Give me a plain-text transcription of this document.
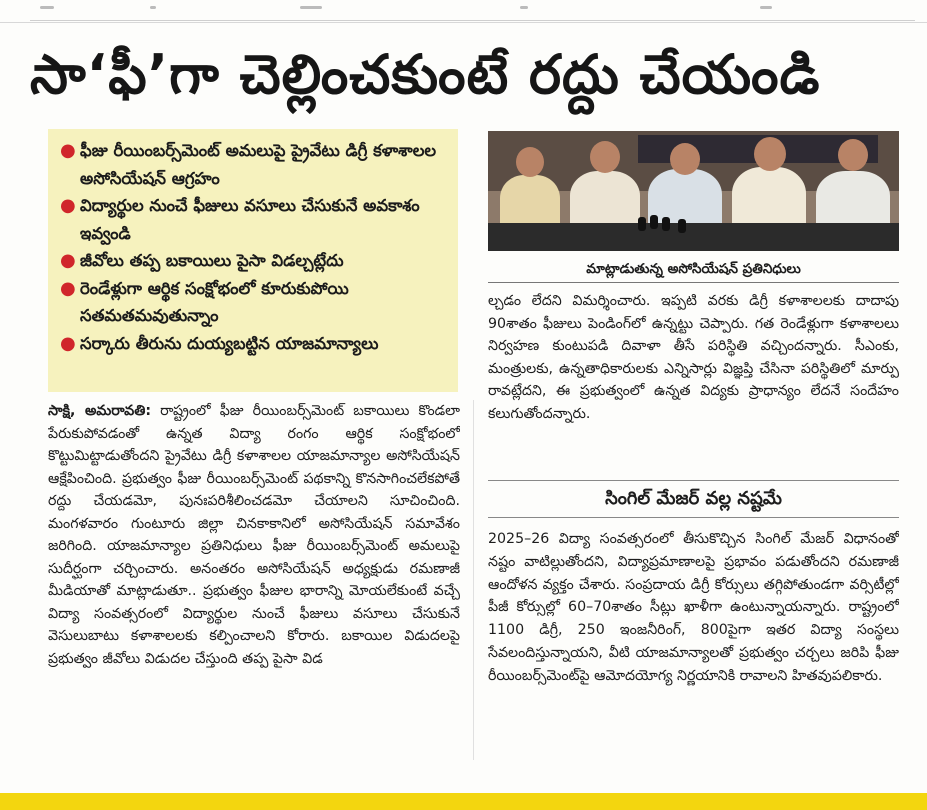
సా‘ఫీ’గా చెల్లించకుంటే రద్దు చేయండి
● ఫీజు రీయింబర్స్‌మెంట్ అమలుపై ప్రైవేటు డిగ్రీ కళాశాలల అసోసియేషన్ ఆగ్రహం
● విద్యార్థుల నుంచే ఫీజులు వసూలు చేసుకునే అవకాశం ఇవ్వండి
● జీవోలు తప్ప బకాయిలు పైసా విడల్చట్లేదు
● రెండేళ్లుగా ఆర్థిక సంక్షోభంలో కూరుకుపోయి సతమతమవుతున్నాం
● సర్కారు తీరును దుయ్యబట్టిన యాజమాన్యాలు
మాట్లాడుతున్న అసోసియేషన్ ప్రతినిధులు

సాక్షి, అమరావతి: రాష్ట్రంలో ఫీజు రీయింబర్స్‌మెంట్ బకాయిలు కొండలా పేరుకుపోవడంతో ఉన్నత విద్యా రంగం ఆర్థిక సంక్షోభంలో కొట్టుమిట్టాడుతోందని ప్రైవేటు డిగ్రీ కళాశాలల యాజమాన్యాల అసోసియేషన్ ఆక్షేపించింది. ప్రభుత్వం ఫీజు రీయింబర్స్‌మెంట్ పథకాన్ని కొనసాగించలేకపోతే రద్దు చేయడమో, పునఃపరిశీలించడమో చేయాలని సూచించింది. మంగళవారం గుంటూరు జిల్లా చినకాకానిలో అసోసియేషన్ సమావేశం జరిగింది. యాజమాన్యాల ప్రతినిధులు ఫీజు రీయింబర్స్‌మెంట్ అమలుపై సుదీర్ఘంగా చర్చించారు. అనంతరం అసోసియేషన్ అధ్యక్షుడు రమణాజీ మీడియాతో మాట్లాడుతూ.. ప్రభుత్వం ఫీజుల భారాన్ని మోయలేకుంటే వచ్చే విద్యా సంవత్సరంలో విద్యార్థుల నుంచే ఫీజులు వసూలు చేసుకునే వెసులుబాటు కళాశాలలకు కల్పించాలని కోరారు. బకాయిల విడుదలపై ప్రభుత్వం జీవోలు విడుదల చేస్తుంది తప్ప పైసా విడ

ల్చడం లేదని విమర్శించారు. ఇప్పటి వరకు డిగ్రీ కళాశాలలకు దాదాపు 90శాతం ఫీజులు పెండింగ్‌లో ఉన్నట్టు చెప్పారు. గత రెండేళ్లుగా కళాశాలలు నిర్వహణ కుంటుపడి దివాళా తీసే పరిస్థితి వచ్చిందన్నారు. సీఎంకు, మంత్రులకు, ఉన్నతాధికారులకు ఎన్నిసార్లు విజ్ఞప్తి చేసినా పరిస్థితిలో మార్పు రావట్లేదని, ఈ ప్రభుత్వంలో ఉన్నత విద్యకు ప్రాధాన్యం లేదనే సందేహం కలుగుతోందన్నారు.

సింగిల్ మేజర్ వల్ల నష్టమే

2025–26 విద్యా సంవత్సరంలో తీసుకొచ్చిన సింగిల్ మేజర్ విధానంతో నష్టం వాటిల్లుతోందని, విద్యాప్రమాణాలపై ప్రభావం పడుతోందని రమణాజీ ఆందోళన వ్యక్తం చేశారు. సంప్రదాయ డిగ్రీ కోర్సులు తగ్గిపోతుండగా వర్సిటీల్లో పీజీ కోర్సుల్లో 60–70శాతం సీట్లు ఖాళీగా ఉంటున్నాయన్నారు. రాష్ట్రంలో 1100 డిగ్రీ, 250 ఇంజనీరింగ్, 800పైగా ఇతర విద్యా సంస్థలు సేవలందిస్తున్నాయని, వీటి యాజమాన్యాలతో ప్రభుత్వం చర్చలు జరిపి ఫీజు రీయింబర్స్‌మెంట్‌పై ఆమోదయోగ్య నిర్ణయానికి రావాలని హితవుపలికారు.
